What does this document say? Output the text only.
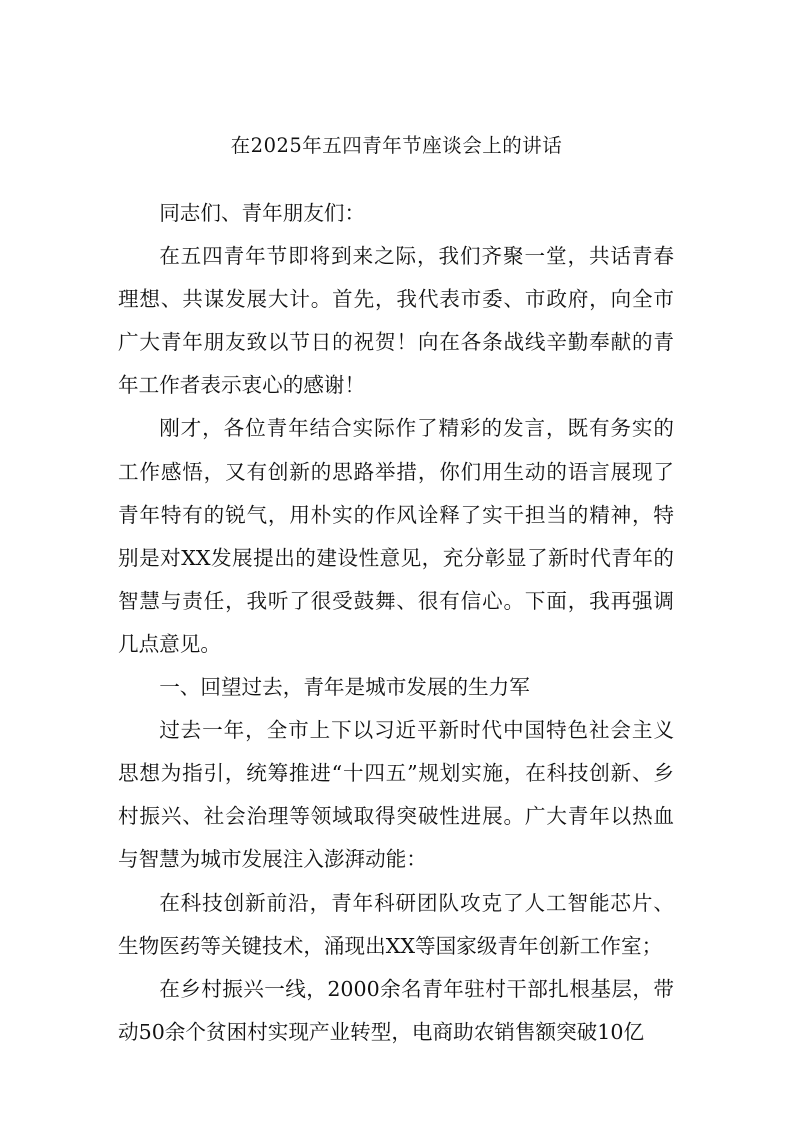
在2025年五四青年节座谈会上的讲话

同志们、青年朋友们：

在五四青年节即将到来之际，我们齐聚一堂，共话青春理想、共谋发展大计。首先，我代表市委、市政府，向全市广大青年朋友致以节日的祝贺！向在各条战线辛勤奉献的青年工作者表示衷心的感谢！

刚才，各位青年结合实际作了精彩的发言，既有务实的工作感悟，又有创新的思路举措，你们用生动的语言展现了青年特有的锐气，用朴实的作风诠释了实干担当的精神，特别是对XX发展提出的建设性意见，充分彰显了新时代青年的智慧与责任，我听了很受鼓舞、很有信心。下面，我再强调几点意见。

一、回望过去，青年是城市发展的生力军

过去一年，全市上下以习近平新时代中国特色社会主义思想为指引，统筹推进“十四五”规划实施，在科技创新、乡村振兴、社会治理等领域取得突破性进展。广大青年以热血与智慧为城市发展注入澎湃动能：

在科技创新前沿，青年科研团队攻克了人工智能芯片、生物医药等关键技术，涌现出XX等国家级青年创新工作室；

在乡村振兴一线，2000余名青年驻村干部扎根基层，带动50余个贫困村实现产业转型，电商助农销售额突破10亿
